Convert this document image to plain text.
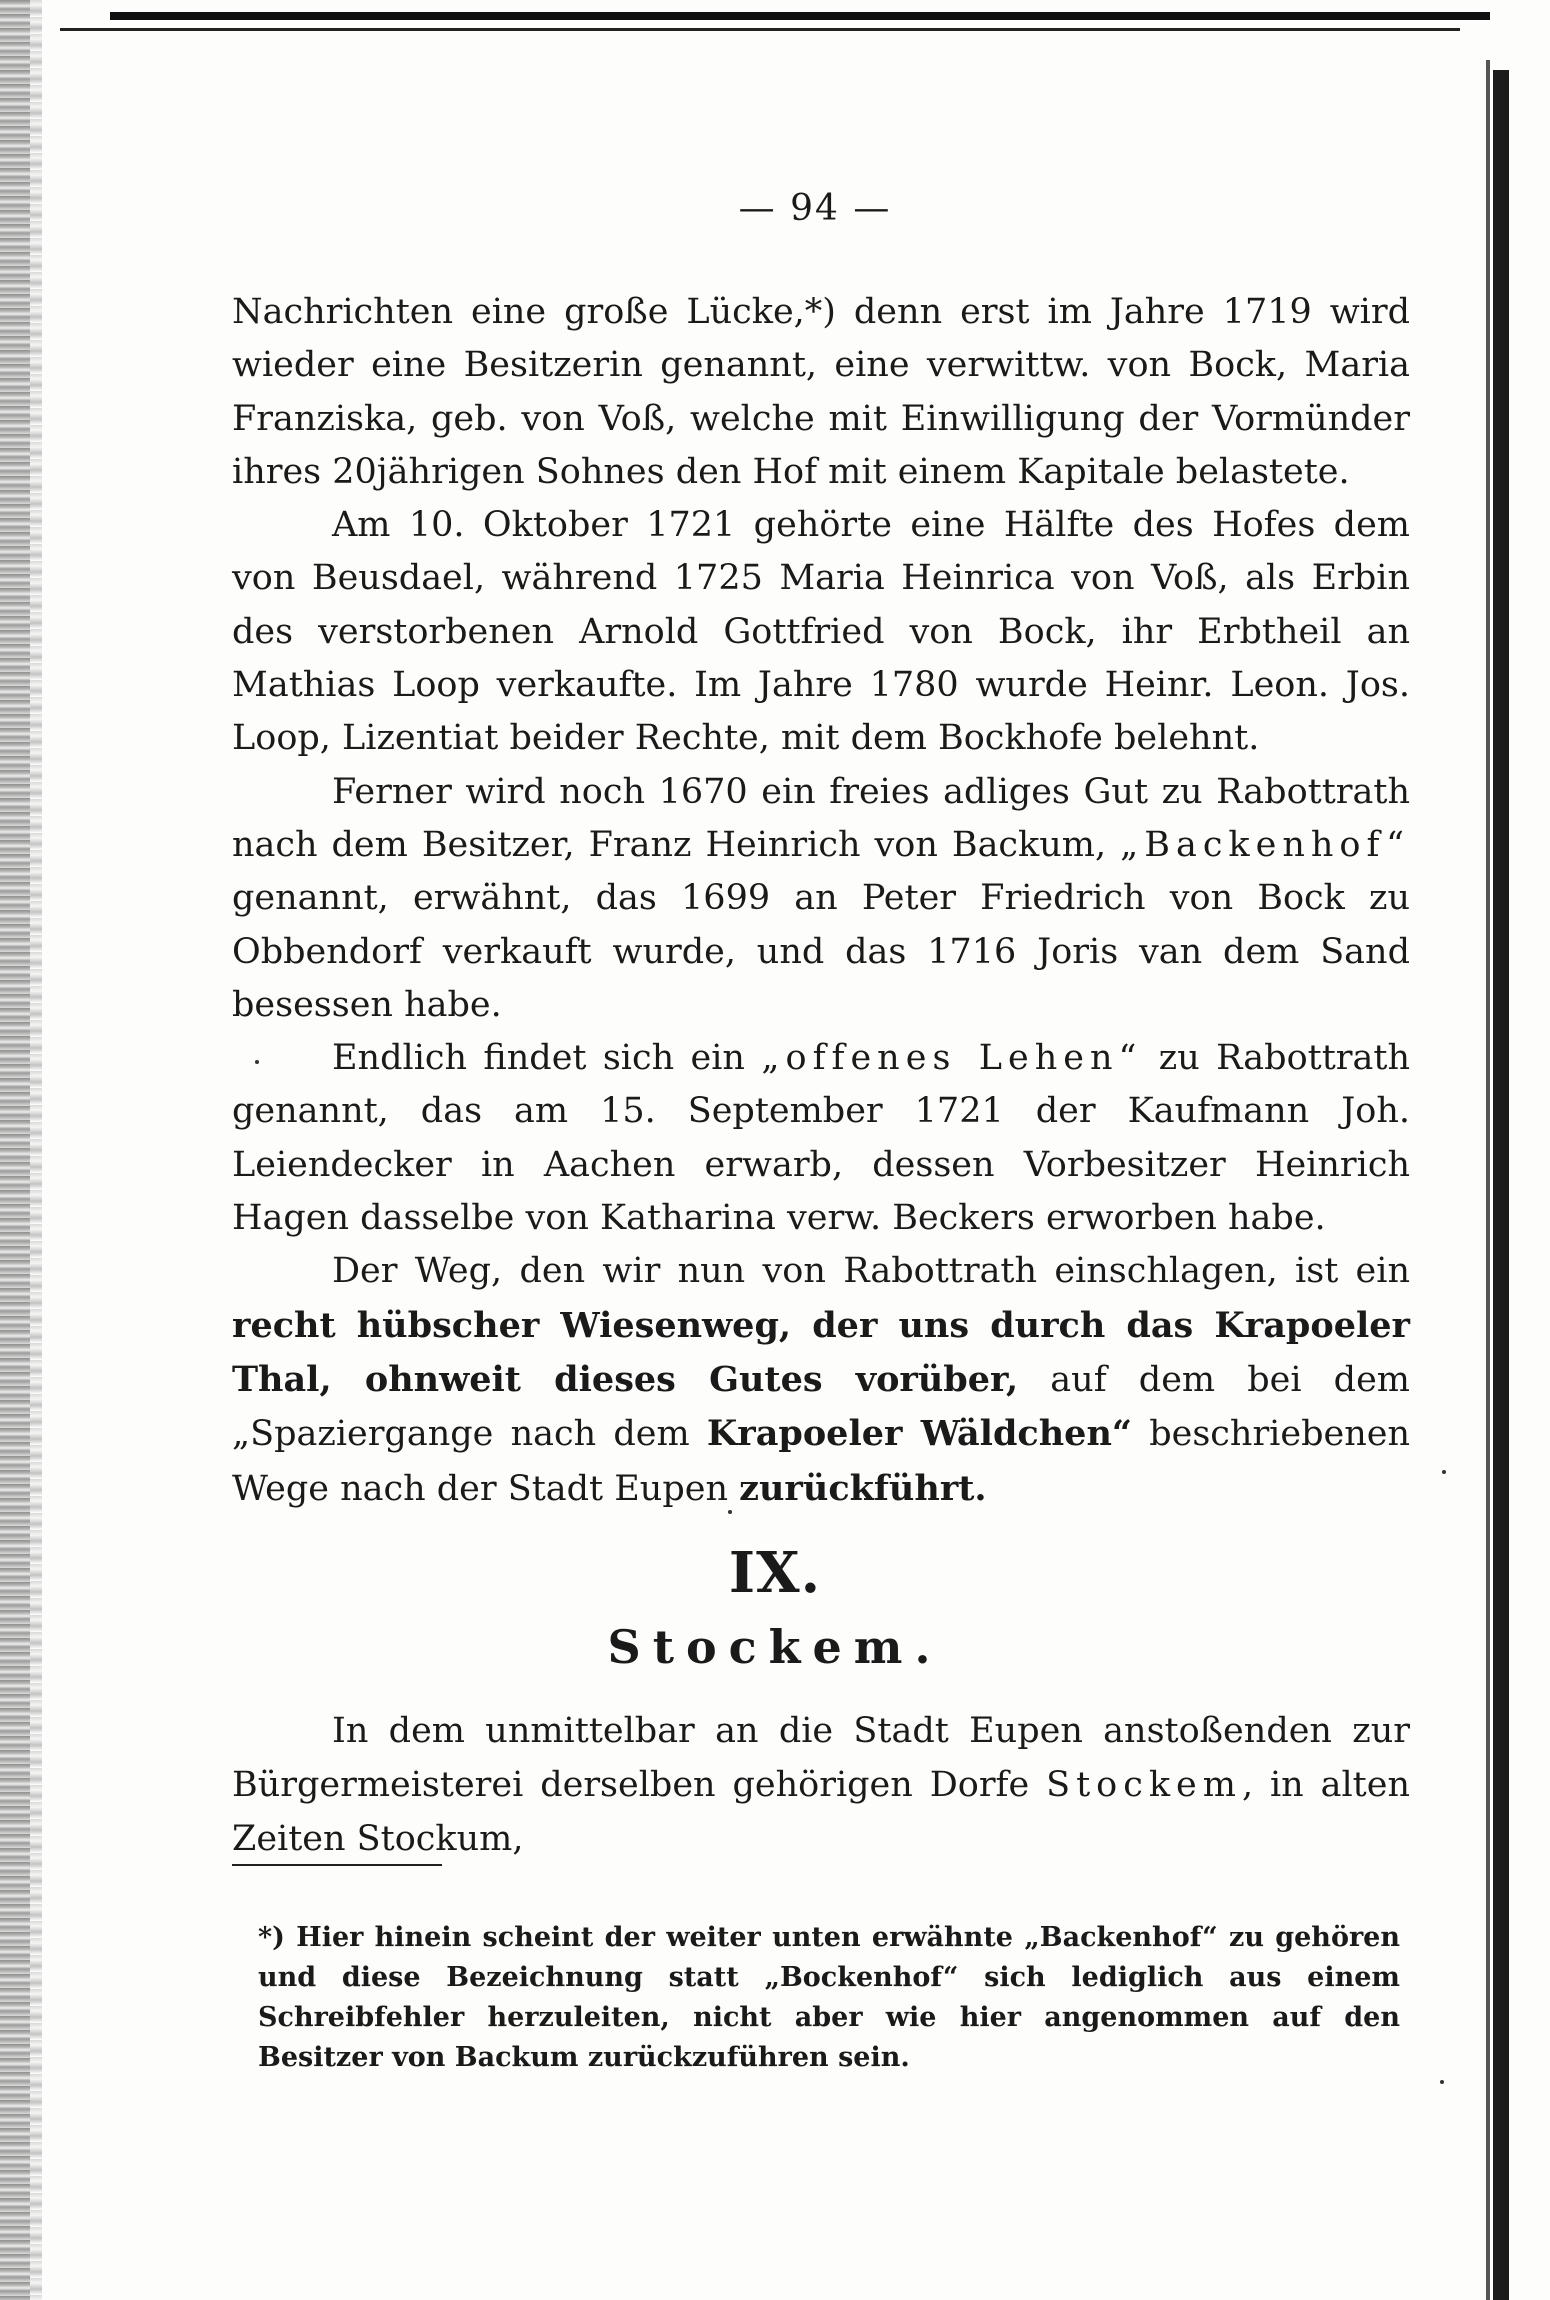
— 94 —

Nachrichten eine große Lücke,*) denn erst im Jahre 1719 wird wieder eine Besitzerin genannt, eine verwittw. von Bock, Maria Franziska, geb. von Voß, welche mit Einwilligung der Vormünder ihres 20jährigen Sohnes den Hof mit einem Kapitale belastete.

Am 10. Oktober 1721 gehörte eine Hälfte des Hofes dem von Beusdael, während 1725 Maria Heinrica von Voß, als Erbin des verstorbenen Arnold Gottfried von Bock, ihr Erbtheil an Mathias Loop verkaufte. Im Jahre 1780 wurde Heinr. Leon. Jos. Loop, Lizentiat beider Rechte, mit dem Bockhofe belehnt.

Ferner wird noch 1670 ein freies adliges Gut zu Rabottrath nach dem Besitzer, Franz Heinrich von Backum, „Backenhof“ genannt, erwähnt, das 1699 an Peter Friedrich von Bock zu Obbendorf verkauft wurde, und das 1716 Joris van dem Sand besessen habe.

Endlich findet sich ein „offenes Lehen“ zu Rabottrath genannt, das am 15. September 1721 der Kaufmann Joh. Leiendecker in Aachen erwarb, dessen Vorbesitzer Heinrich Hagen dasselbe von Katharina verw. Beckers erworben habe.

Der Weg, den wir nun von Rabottrath einschlagen, ist ein recht hübscher Wiesenweg, der uns durch das Krapoeler Thal, ohnweit dieses Gutes vorüber, auf dem bei dem „Spaziergange nach dem Krapoeler Wäldchen“ beschriebenen Wege nach der Stadt Eupen zurückführt.

IX.
Stockem.

In dem unmittelbar an die Stadt Eupen anstoßenden zur Bürgermeisterei derselben gehörigen Dorfe Stockem, in alten Zeiten Stockum,

*) Hier hinein scheint der weiter unten erwähnte „Backenhof“ zu gehören und diese Bezeichnung statt „Bockenhof“ sich lediglich aus einem Schreibfehler herzuleiten, nicht aber wie hier angenommen auf den Besitzer von Backum zurückzuführen sein.
